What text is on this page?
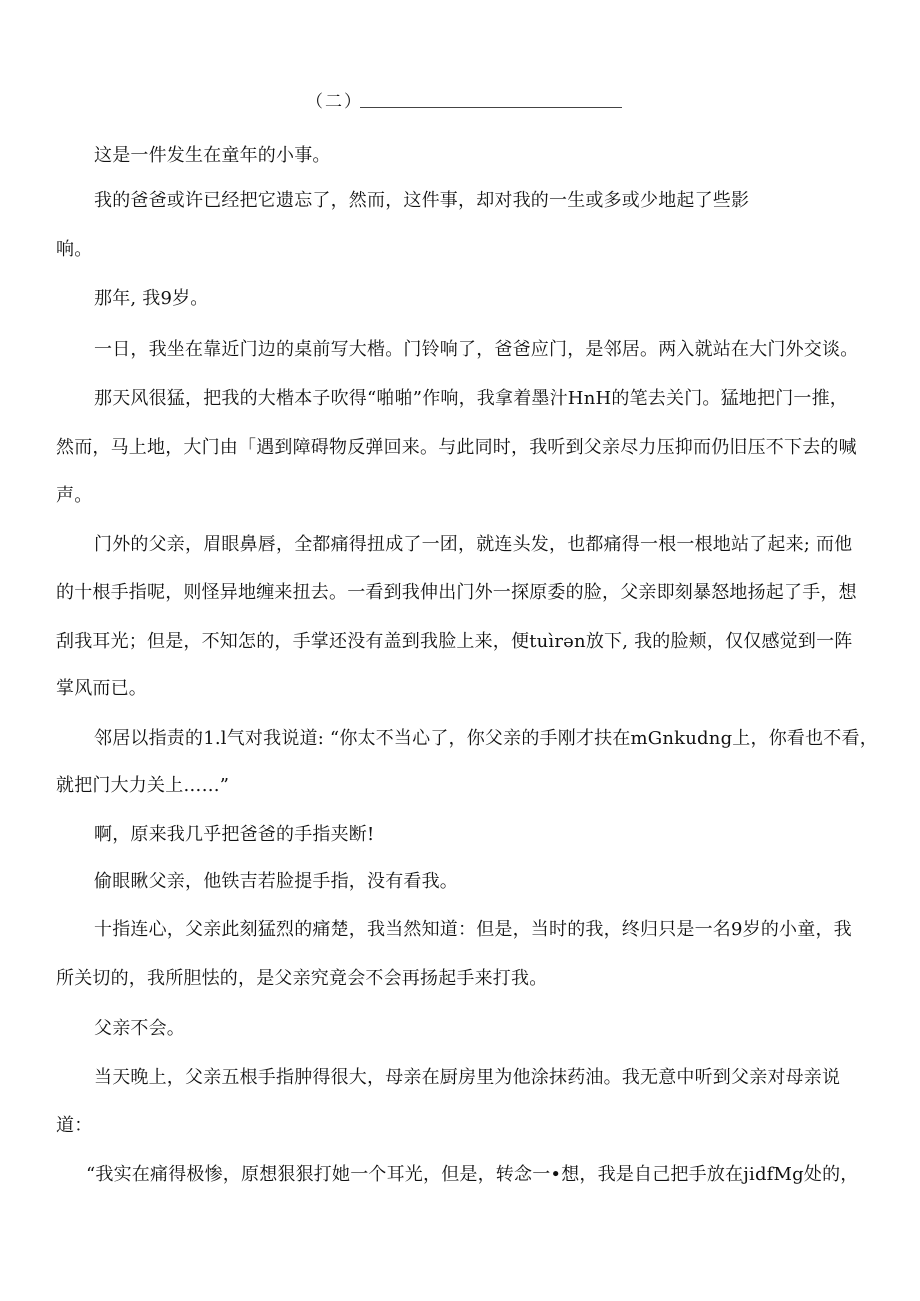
（二）
这是一件发生在童年的小事。
我的爸爸或许已经把它遗忘了，然而，这件事，却对我的一生或多或少地起了些影
响。
那年, 我9岁。
一日，我坐在靠近门边的桌前写大楷。门铃响了，爸爸应门，是邻居。两入就站在大门外交谈。
那天风很猛，把我的大楷本子吹得“啪啪”作响，我拿着墨汁HnH的笔去关门。猛地把门一推，
然而，马上地，大门由「遇到障碍物反弹回来。与此同时，我听到父亲尽力压抑而仍旧压不下去的喊
声。
门外的父亲，眉眼鼻唇，全都痛得扭成了一团，就连头发，也都痛得一根一根地站了起来; 而他
的十根手指呢，则怪异地缠来扭去。一看到我伸出门外一探原委的脸，父亲即刻暴怒地扬起了手，想
刮我耳光；但是，不知怎的，手掌还没有盖到我脸上来，便tuìrən放下, 我的脸颊，仅仅感觉到一阵
掌风而已。
邻居以指责的1.l气对我说道: “你太不当心了，你父亲的手刚才扶在mGnkudng上，你看也不看，
就把门大力关上……”
啊，原来我几乎把爸爸的手指夹断!
偷眼瞅父亲，他铁吉若脸提手指，没有看我。
十指连心，父亲此刻猛烈的痛楚，我当然知道：但是，当时的我，终归只是一名9岁的小童，我
所关切的，我所胆怯的，是父亲究竟会不会再扬起手来打我。
父亲不会。
当天晚上，父亲五根手指肿得很大，母亲在厨房里为他涂抹药油。我无意中听到父亲对母亲说
道：
“我实在痛得极惨，原想狠狠打她一个耳光，但是，转念一•想，我是自己把手放在jidfMg处的，
